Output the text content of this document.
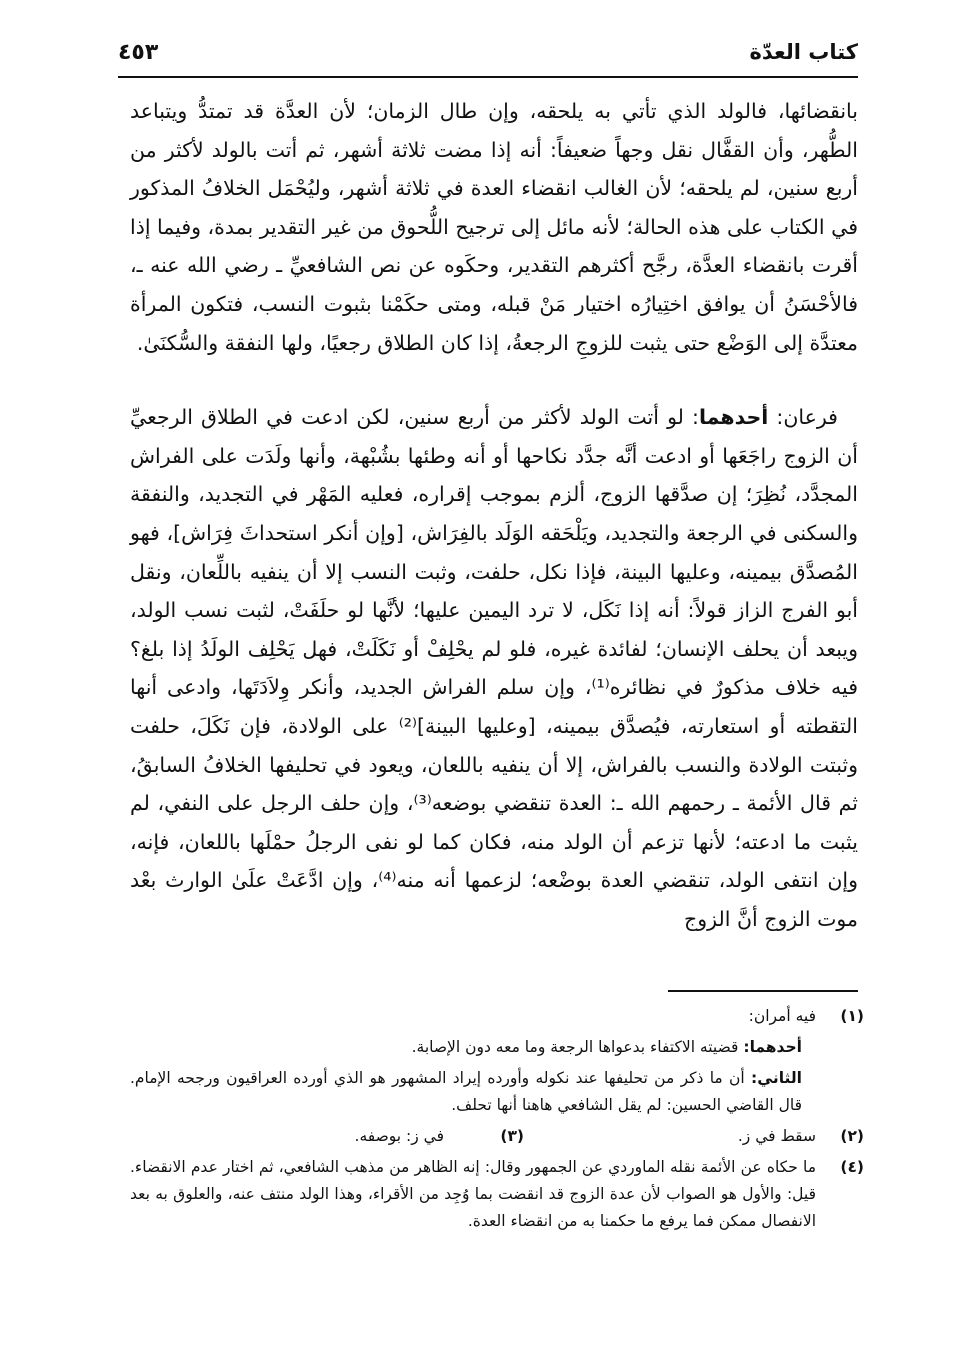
كتاب العدّة
٤٥٣

بانقضائها، فالولد الذي تأتي به يلحقه، وإن طال الزمان؛ لأن العدَّة قد تمتدُّ ويتباعد الطُّهر، وأن القفَّال نقل وجهاً ضعيفاً: أنه إذا مضت ثلاثة أشهر، ثم أتت بالولد لأكثر من أربع سنين، لم يلحقه؛ لأن الغالب انقضاء العدة في ثلاثة أشهر، وليُحْمَل الخلافُ المذكور في الكتاب على هذه الحالة؛ لأنه مائل إلى ترجيح اللُّحوق من غير التقدير بمدة، وفيما إذا أقرت بانقضاء العدَّة، رجَّح أكثرهم التقدير، وحكَوه عن نص الشافعيِّ ـ رضي الله عنه ـ، فالأحْسَنُ أن يوافق اختِيارُه اختيار مَنْ قبله، ومتى حكَمْنا بثبوت النسب، فتكون المرأة معتدَّة إلى الوَضْع حتى يثبت للزوجِ الرجعةُ، إذا كان الطلاق رجعيًا، ولها النفقة والسُّكنَىٰ.

فرعان: أحدهما: لو أتت الولد لأكثر من أربع سنين، لكن ادعت في الطلاق الرجعيِّ أن الزوج راجَعَها أو ادعت أنَّه جدَّد نكاحها أو أنه وطئها بشُبْهة، وأنها ولَدَت على الفراش المجدَّد، نُظِرَ؛ إن صدَّقها الزوج، ألزم بموجب إقراره، فعليه المَهْر في التجديد، والنفقة والسكنى في الرجعة والتجديد، ويَلْحَقه الوَلَد بالفِرَاش، [وإن أنكر استحداثَ فِرَاش]، فهو المُصدَّق بيمينه، وعليها البينة، فإذا نكل، حلفت، وثبت النسب إلا أن ينفيه باللِّعان، ونقل أبو الفرج الزاز قولاً: أنه إذا نَكَل، لا ترد اليمين عليها؛ لأنَّها لو حلَفَتْ، لثبت نسب الولد، ويبعد أن يحلف الإنسان؛ لفائدة غيره، فلو لم يحْلِفْ أو نَكَلَتْ، فهل يَحْلِف الولَدُ إذا بلغ؟ فيه خلاف مذكورٌ في نظائره⁽¹⁾، وإن سلم الفراش الجديد، وأنكر وِلاَدَتَها، وادعى أنها التقطته أو استعارته، فيُصدَّق بيمينه، [وعليها البينة]⁽²⁾ على الولادة، فإن نَكَلَ، حلفت وثبتت الولادة والنسب بالفراش، إلا أن ينفيه باللعان، ويعود في تحليفها الخلافُ السابقُ، ثم قال الأئمة ـ رحمهم الله ـ: العدة تنقضي بوضعه⁽³⁾، وإن حلف الرجل على النفي، لم يثبت ما ادعته؛ لأنها تزعم أن الولد منه، فكان كما لو نفى الرجلُ حمْلَها باللعان، فإنه، وإن انتفى الولد، تنقضي العدة بوضْعه؛ لزعمها أنه منه⁽⁴⁾، وإن ادَّعَتْ علَىٰ الوارث بعْد موت الزوج أنَّ الزوج

(١)

فيه أمران:

أحدهما: قضيته الاكتفاء بدعواها الرجعة وما معه دون الإصابة.

الثاني: أن ما ذكر من تحليفها عند نكوله وأورده إيراد المشهور هو الذي أورده العراقيون ورجحه الإمام. قال القاضي الحسين: لم يقل الشافعي هاهنا أنها تحلف.

(٢)
سقط في ز.
(٣)
في ز: بوصفه.
(٤)

ما حكاه عن الأئمة نقله الماوردي عن الجمهور وقال: إنه الظاهر من مذهب الشافعي، ثم اختار عدم الانقضاء. قيل: والأول هو الصواب لأن عدة الزوج قد انقضت بما وُجِد من الأقراء، وهذا الولد منتف عنه، والعلوق به بعد الانفصال ممكن فما يرفع ما حكمنا به من انقضاء العدة.
